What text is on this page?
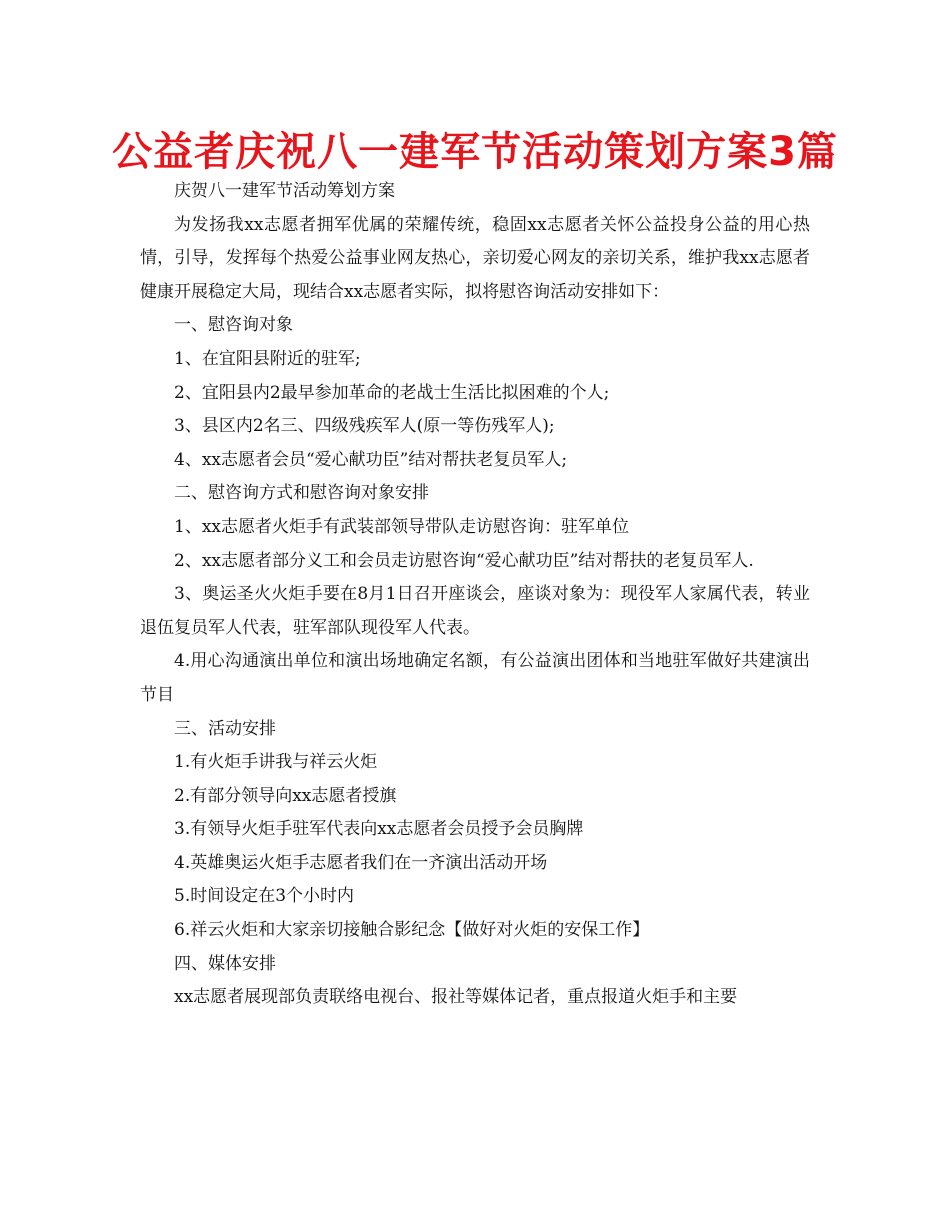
公益者庆祝八一建军节活动策划方案3篇

庆贺八一建军节活动筹划方案

为发扬我xx志愿者拥军优属的荣耀传统，稳固xx志愿者关怀公益投身公益的用心热情，引导，发挥每个热爱公益事业网友热心，亲切爱心网友的亲切关系，维护我xx志愿者健康开展稳定大局，现结合xx志愿者实际，拟将慰咨询活动安排如下：

一、慰咨询对象

1、在宜阳县附近的驻军;

2、宜阳县内2最早参加革命的老战士生活比拟困难的个人;

3、县区内2名三、四级残疾军人(原一等伤残军人);

4、xx志愿者会员“爱心献功臣”结对帮扶老复员军人;

二、慰咨询方式和慰咨询对象安排

1、xx志愿者火炬手有武装部领导带队走访慰咨询：驻军单位

2、xx志愿者部分义工和会员走访慰咨询“爱心献功臣”结对帮扶的老复员军人.

3、奥运圣火火炬手要在8月1日召开座谈会，座谈对象为：现役军人家属代表，转业退伍复员军人代表，驻军部队现役军人代表。

4.用心沟通演出单位和演出场地确定名额，有公益演出团体和当地驻军做好共建演出节目

三、活动安排

1.有火炬手讲我与祥云火炬

2.有部分领导向xx志愿者授旗

3.有领导火炬手驻军代表向xx志愿者会员授予会员胸牌

4.英雄奥运火炬手志愿者我们在一齐演出活动开场

5.时间设定在3个小时内

6.祥云火炬和大家亲切接触合影纪念【做好对火炬的安保工作】

四、媒体安排

xx志愿者展现部负责联络电视台、报社等媒体记者，重点报道火炬手和主要
